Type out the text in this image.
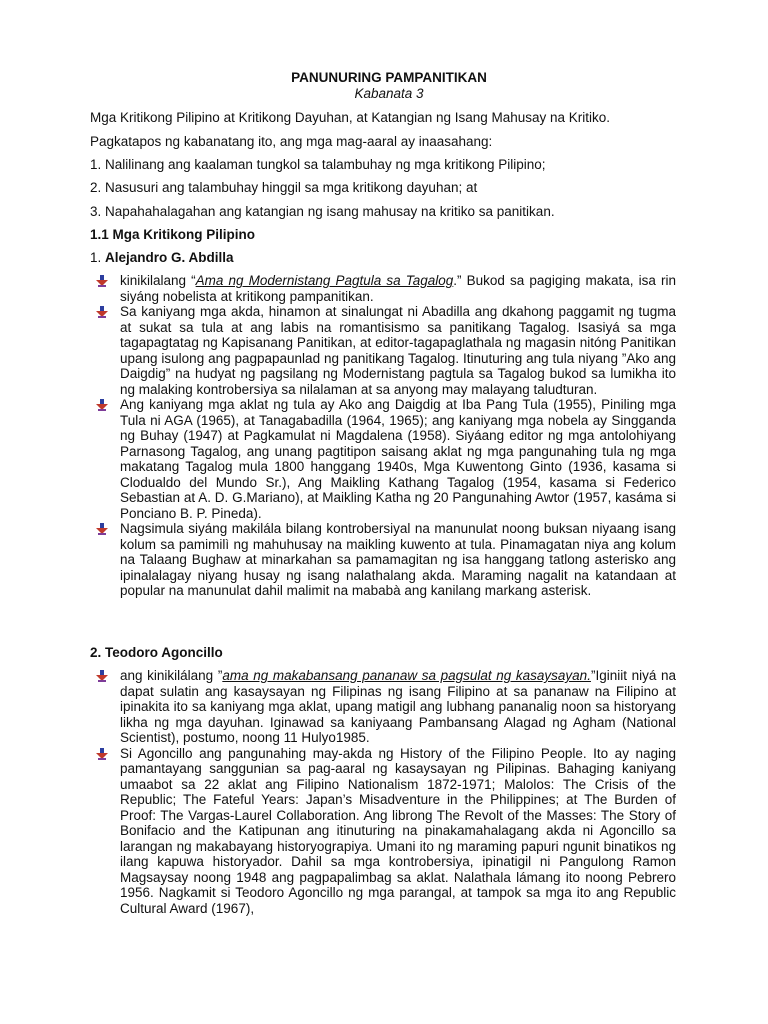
PANUNURING PAMPANITIKAN
Kabanata 3

Mga Kritikong Pilipino at Kritikong Dayuhan, at Katangian ng Isang Mahusay na Kritiko.

Pagkatapos ng kabanatang ito, ang mga mag-aaral ay inaasahang:

1. Nalilinang ang kaalaman tungkol sa talambuhay ng mga kritikong Pilipino;

2. Nasusuri ang talambuhay hinggil sa mga kritikong dayuhan; at

3. Napahahalagahan ang katangian ng isang mahusay na kritiko sa panitikan.

1.1 Mga Kritikong Pilipino

1. Alejandro G. Abdilla

kinikilalang “Ama ng Modernistang Pagtula sa Tagalog.” Bukod sa pagiging makata, isa rin siyáng nobelista at kritikong pampanitikan.
Sa kaniyang mga akda, hinamon at sinalungat ni Abadilla ang dkahong paggamit ng tugma at sukat sa tula at ang labis na romantisismo sa panitikang Tagalog. Isasiyá sa mga tagapagtatag ng Kapisanang Panitikan, at editor-tagapaglathala ng magasin nitóng Panitikan upang isulong ang pagpapaunlad ng panitikang Tagalog. Itinuturing ang tula niyang ”Ako ang Daigdig” na hudyat ng pagsilang ng Modernistang pagtula sa Tagalog bukod sa lumikha ito ng malaking kontrobersiya sa nilalaman at sa anyong may malayang taludturan.
Ang kaniyang mga aklat ng tula ay Ako ang Daigdig at Iba Pang Tula (1955), Piniling mga Tula ni AGA (1965), at Tanagabadilla (1964, 1965); ang kaniyang mga nobela ay Singganda ng Buhay (1947) at Pagkamulat ni Magdalena (1958). Siyáang editor ng mga antolohiyang Parnasong Tagalog, ang unang pagtitipon saisang aklat ng mga pangunahing tula ng mga makatang Tagalog mula 1800 hanggang 1940s, Mga Kuwentong Ginto (1936, kasama si Clodualdo del Mundo Sr.), Ang Maikling Kathang Tagalog (1954, kasama si Federico Sebastian at A. D. G.Mariano), at Maikling Katha ng 20 Pangunahing Awtor (1957, kasáma si Ponciano B. P. Pineda).
Nagsimula siyáng makilála bilang kontrobersiyal na manunulat noong buksan niyaang isang kolum sa pamimilì ng mahuhusay na maikling kuwento at tula. Pinamagatan niya ang kolum na Talaang Bughaw at minarkahan sa pamamagitan ng isa hanggang tatlong asterisko ang ipinalalagay niyang husay ng isang nalathalang akda. Maraming nagalit na katandaan at popular na manunulat dahil malimit na mababà ang kanilang markang asterisk.

2. Teodoro Agoncillo

ang kinikilálang ”ama ng makabansang pananaw sa pagsulat ng kasaysayan.”Iginiit niyá na dapat sulatin ang kasaysayan ng Filipinas ng isang Filipino at sa pananaw na Filipino at ipinakita ito sa kaniyang mga aklat, upang matigil ang lubhang pananalig noon sa historyang likha ng mga dayuhan. Iginawad sa kaniyaang Pambansang Alagad ng Agham (National Scientist), postumo, noong 11 Hulyo1985.
Si Agoncillo ang pangunahing may-akda ng History of the Filipino People. Ito ay naging pamantayang sanggunian sa pag-aaral ng kasaysayan ng Pilipinas. Bahaging kaniyang umaabot sa 22 aklat ang Filipino Nationalism 1872-1971; Malolos: The Crisis of the Republic; The Fateful Years: Japan’s Misadventure in the Philippines; at The Burden of Proof: The Vargas-Laurel Collaboration. Ang librong The Revolt of the Masses: The Story of Bonifacio and the Katipunan ang itinuturing na pinakamahalagang akda ni Agoncillo sa larangan ng makabayang historyograpiya. Umani ito ng maraming papuri ngunit binatikos ng ilang kapuwa historyador. Dahil sa mga kontrobersiya, ipinatigil ni Pangulong Ramon Magsaysay noong 1948 ang pagpapalimbag sa aklat. Nalathala lámang ito noong Pebrero 1956. Nagkamit si Teodoro Agoncillo ng mga parangal, at tampok sa mga ito ang Republic Cultural Award (1967),
